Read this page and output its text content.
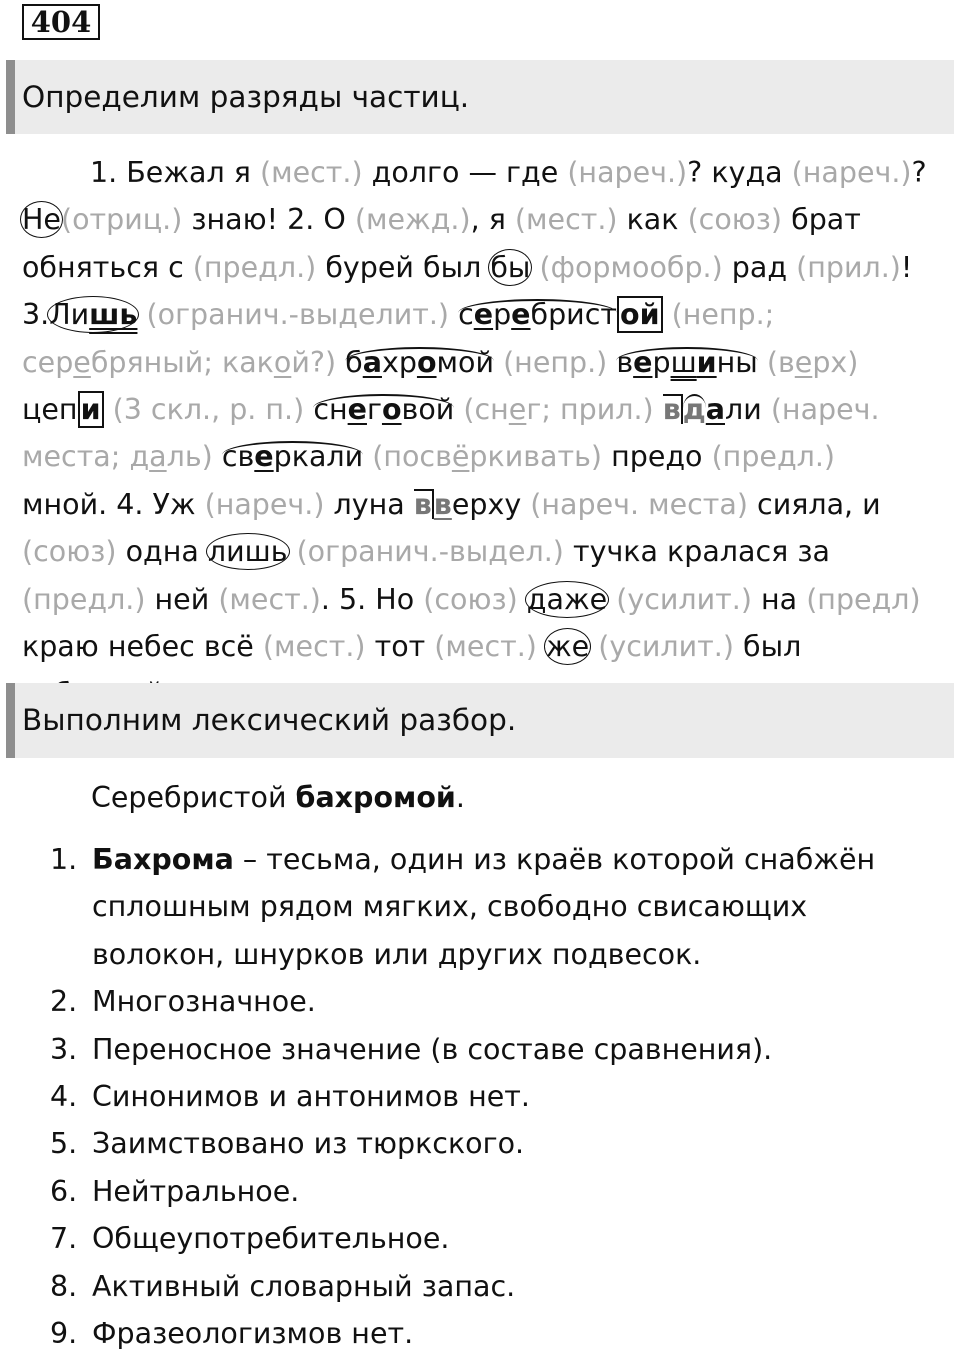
404
Определим разряды частиц.
1. Бежал я (мест.) долго — где (нареч.)? куда (нареч.)? Не(отриц.) знаю! 2. О (межд.), я (мест.) как (союз) брат обняться с (предл.) бурей был бы (формообр.) рад (прил.)! 3.Лишь (огранич.-выделит.) серебрист ой (непр.; серебряный; какой?) бахромой (непр.) вершины (верх) цеп и (3 скл., р. п.) снеговой (снег; прил.) вдали (нареч. места; даль) сверкали (посвёркивать) предо (предл.) мной. 4. Уж (нареч.) луна вверху (нареч. места) сияла, и (союз) одна лишь (огранич.-выдел.) тучка кралася за (предл.) ней (мест.). 5. Но (союз) даже (усилит.) на (предл) краю небес всё (мест.) тот (мест.) же (усилит.) был
Выполним лексический разбор.
Серебристой бахромой.
1. Бахрома – тесьма, один из краёв которой снабжён сплошным рядом мягких, свободно свисающих волокон, шнурков или других подвесок.
2. Многозначное.
3. Переносное значение (в составе сравнения).
4. Синонимов и антонимов нет.
5. Заимствовано из тюркского.
6. Нейтральное.
7. Общеупотребительное.
8. Активный словарный запас.
9. Фразеологизмов нет.
